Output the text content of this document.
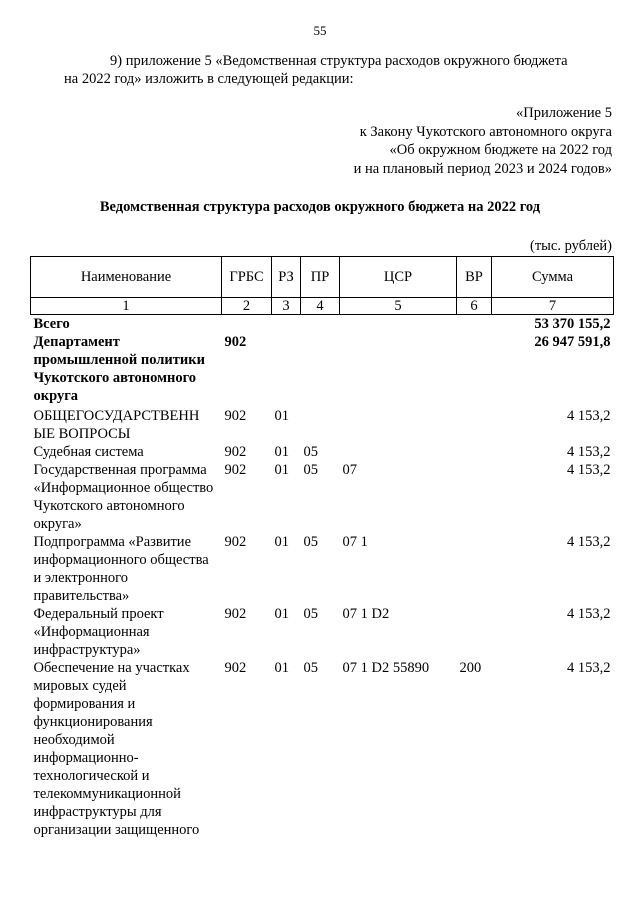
55

9) приложение 5 «Ведомственная структура расходов окружного бюджета

на 2022 год» изложить в следующей редакции:

«Приложение 5
к Закону Чукотского автономного округа
«Об окружном бюджете на 2022 год
и на плановый период 2023 и 2024 годов»
Ведомственная структура расходов окружного бюджета на 2022 год
(тыс. рублей)
Наименование	ГРБС	РЗ	ПР	ЦСР	ВР	Сумма
1	2	3	4	5	6	7
Всего						53 370 155,2
Департамент промышленной политики Чукотского автономного округа	902					26 947 591,8
ОБЩЕГОСУДАРСТВЕНН ЫЕ ВОПРОСЫ	902	01				4 153,2
Судебная система	902	01	05			4 153,2
Государственная программа «Информационное общество Чукотского автономного округа»	902	01	05	07		4 153,2
Подпрограмма «Развитие информационного общества и электронного правительства»	902	01	05	07 1		4 153,2
Федеральный проект «Информационная инфраструктура»	902	01	05	07 1 D2		4 153,2
Обеспечение на участках мировых судей формирования и функционирования необходимой информационно-технологической и телекоммуникационной инфраструктуры для организации защищенного	902	01	05	07 1 D2 55890	200	4 153,2
